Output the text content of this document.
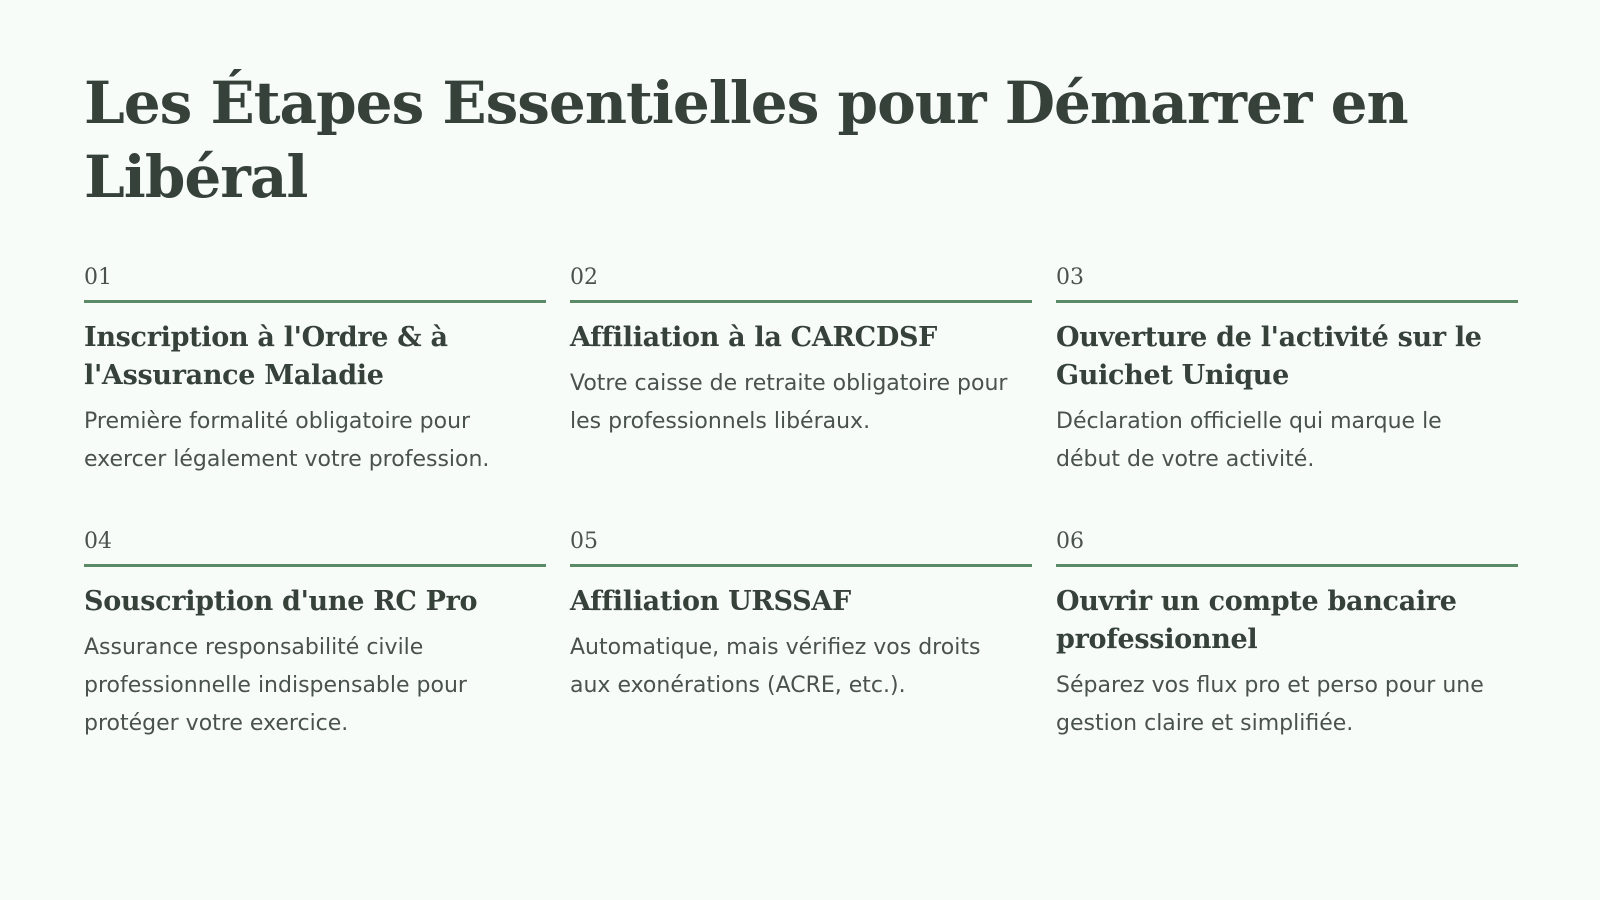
Les Étapes Essentielles pour Démarrer en Libéral
01
Inscription à l'Ordre & à l'Assurance Maladie

Première formalité obligatoire pour exercer légalement votre profession.

02
Affiliation à la CARCDSF

Votre caisse de retraite obligatoire pour les professionnels libéraux.

03
Ouverture de l'activité sur le Guichet Unique

Déclaration officielle qui marque le début de votre activité.

04
Souscription d'une RC Pro

Assurance responsabilité civile professionnelle indispensable pour protéger votre exercice.

05
Affiliation URSSAF

Automatique, mais vérifiez vos droits aux exonérations (ACRE, etc.).

06
Ouvrir un compte bancaire professionnel

Séparez vos flux pro et perso pour une gestion claire et simplifiée.
